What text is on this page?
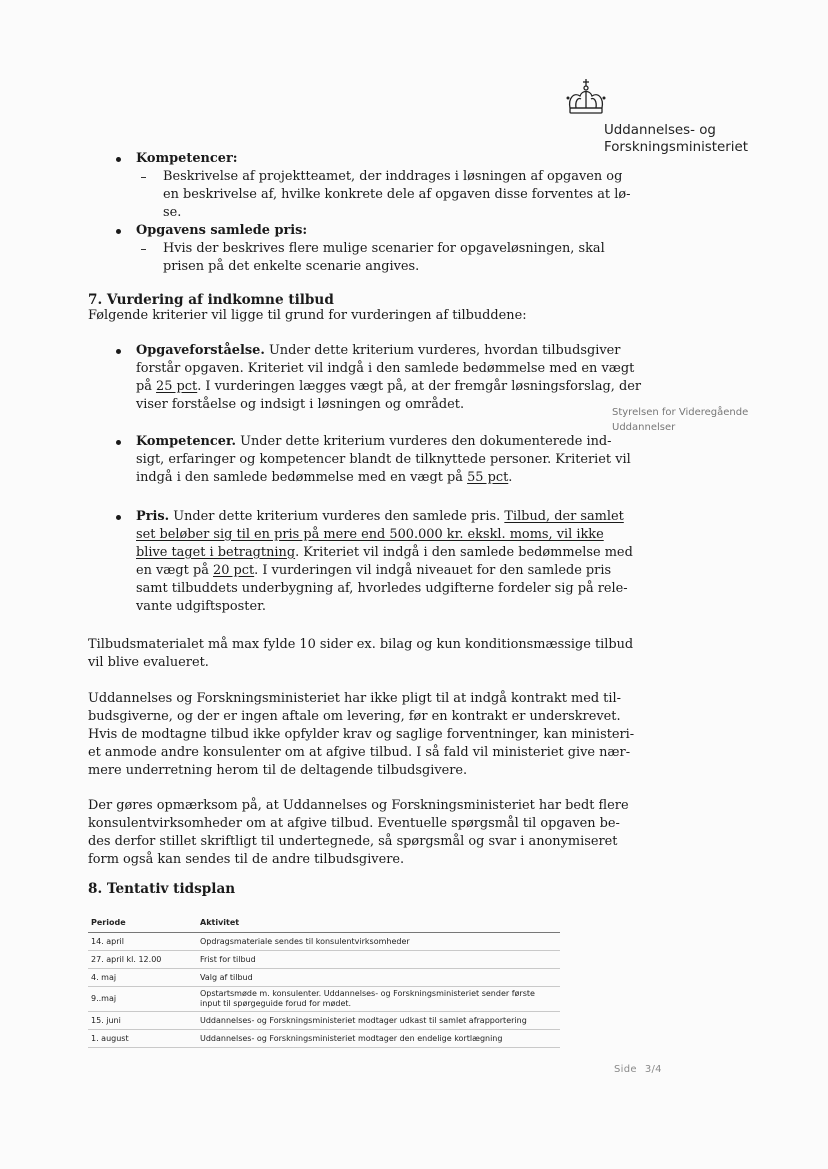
Uddannelses- og
Forskningsministeriet
Styrelsen for Videregående
Uddannelser
Kompetencer:
Beskrivelse af projektteamet, der inddrages i løsningen af opgaven og
en beskrivelse af, hvilke konkrete dele af opgaven disse forventes at lø-
se.
Opgavens samlede pris:
Hvis der beskrives flere mulige scenarier for opgaveløsningen, skal
prisen på det enkelte scenarie angives.
7. Vurdering af indkomne tilbud
Følgende kriterier vil ligge til grund for vurderingen af tilbuddene:
Opgaveforståelse. Under dette kriterium vurderes, hvordan tilbudsgiver
forstår opgaven. Kriteriet vil indgå i den samlede bedømmelse med en vægt
på 25 pct. I vurderingen lægges vægt på, at der fremgår løsningsforslag, der
viser forståelse og indsigt i løsningen og området.
Kompetencer. Under dette kriterium vurderes den dokumenterede ind-
sigt, erfaringer og kompetencer blandt de tilknyttede personer. Kriteriet vil
indgå i den samlede bedømmelse med en vægt på 55 pct.
Pris. Under dette kriterium vurderes den samlede pris. Tilbud, der samlet
set beløber sig til en pris på mere end 500.000 kr. ekskl. moms, vil ikke
blive taget i betragtning. Kriteriet vil indgå i den samlede bedømmelse med
en vægt på 20 pct. I vurderingen vil indgå niveauet for den samlede pris
samt tilbuddets underbygning af, hvorledes udgifterne fordeler sig på rele-
vante udgiftsposter.
Tilbudsmaterialet må max fylde 10 sider ex. bilag og kun konditionsmæssige tilbud
vil blive evalueret.
Uddannelses og Forskningsministeriet har ikke pligt til at indgå kontrakt med til-
budsgiverne, og der er ingen aftale om levering, før en kontrakt er underskrevet.
Hvis de modtagne tilbud ikke opfylder krav og saglige forventninger, kan ministeri-
et anmode andre konsulenter om at afgive tilbud. I så fald vil ministeriet give nær-
mere underretning herom til de deltagende tilbudsgivere.
Der gøres opmærksom på, at Uddannelses og Forskningsministeriet har bedt flere
konsulentvirksomheder om at afgive tilbud. Eventuelle spørgsmål til opgaven be-
des derfor stillet skriftligt til undertegnede, så spørgsmål og svar i anonymiseret
form også kan sendes til de andre tilbudsgivere.
8. Tentativ tidsplan
Periode	Aktivitet
14. april	Opdragsmateriale sendes til konsulentvirksomheder
27. april kl. 12.00	Frist for tilbud
4. maj	Valg af tilbud
9..maj	Opstartsmøde m. konsulenter. Uddannelses- og Forskningsministeriet sender første
input til spørgeguide forud for mødet.

15. juni	Uddannelses- og Forskningsministeriet modtager udkast til samlet afrapportering
1. august	Uddannelses- og Forskningsministeriet modtager den endelige kortlægning
Side 3/4
